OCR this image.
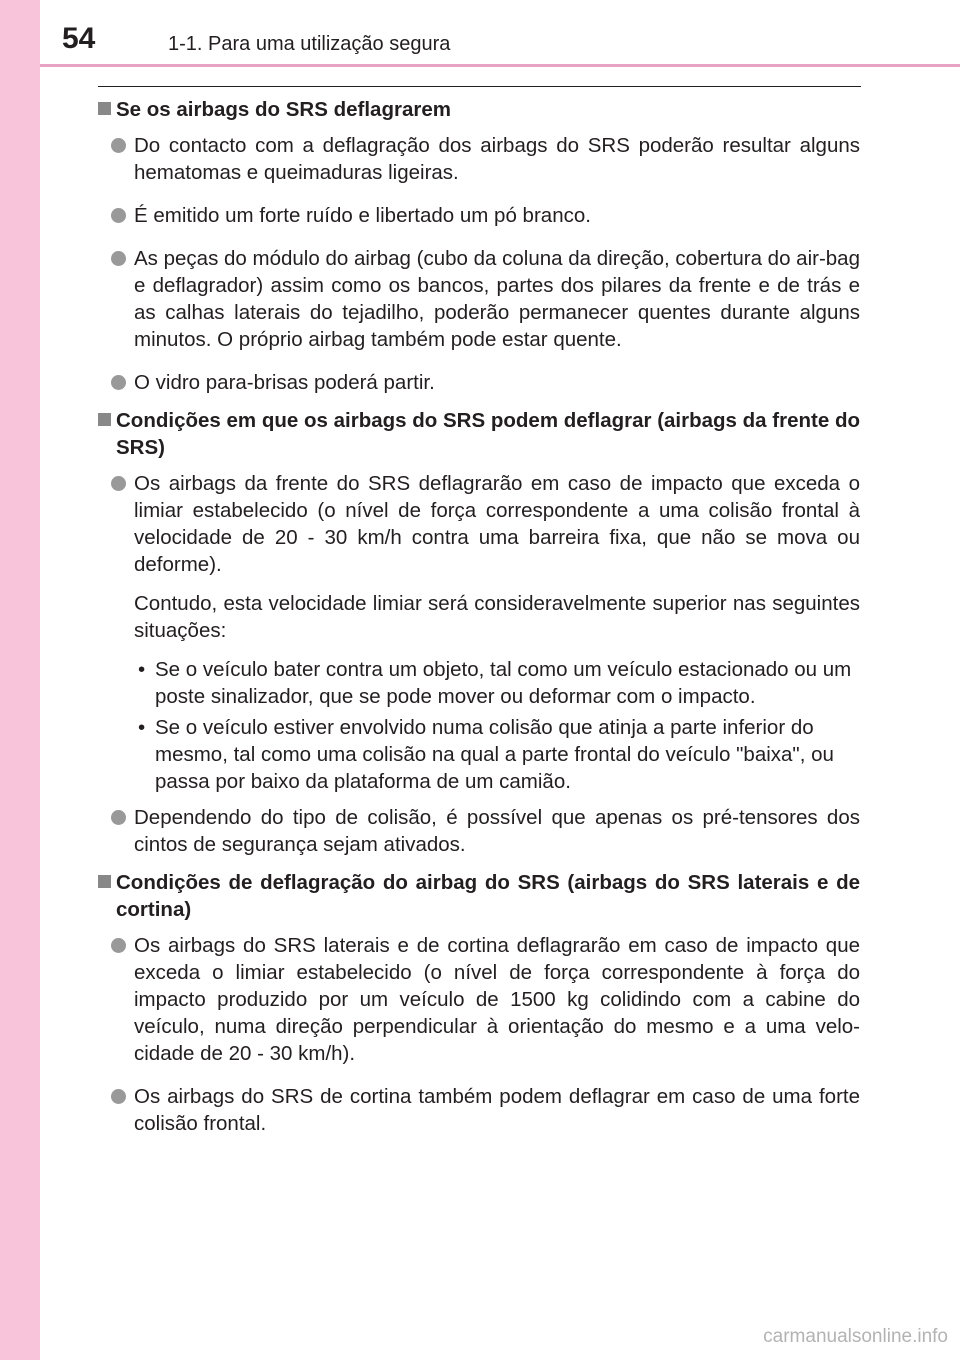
54	1-1. Para uma utilização segura
Se os airbags do SRS deflagrarem
Do contacto com a deflagração dos airbags do SRS poderão resultar alguns hematomas e queimaduras ligeiras.
É emitido um forte ruído e libertado um pó branco.
As peças do módulo do airbag (cubo da coluna da direção, cobertura do air-bag e deflagrador) assim como os bancos, partes dos pilares da frente e de trás e as calhas laterais do tejadilho, poderão permanecer quentes durante alguns minutos. O próprio airbag também pode estar quente.
O vidro para-brisas poderá partir.
Condições em que os airbags do SRS podem deflagrar (airbags da frente do SRS)
Os airbags da frente do SRS deflagrarão em caso de impacto que exceda o limiar estabelecido (o nível de força correspondente a uma colisão frontal à velocidade de 20 - 30 km/h contra uma barreira fixa, que não se mova ou deforme).
Contudo, esta velocidade limiar será consideravelmente superior nas seguintes situações:
• Se o veículo bater contra um objeto, tal como um veículo estacionado ou um poste sinalizador, que se pode mover ou deformar com o impacto.
• Se o veículo estiver envolvido numa colisão que atinja a parte inferior do mesmo, tal como uma colisão na qual a parte frontal do veículo "baixa", ou passa por baixo da plataforma de um camião.
Dependendo do tipo de colisão, é possível que apenas os pré-tensores dos cintos de segurança sejam ativados.
Condições de deflagração do airbag do SRS (airbags do SRS laterais e de cortina)
Os airbags do SRS laterais e de cortina deflagrarão em caso de impacto que exceda o limiar estabelecido (o nível de força correspondente à força do impacto produzido por um veículo de 1500 kg colidindo com a cabine do veículo, numa direção perpendicular à orientação do mesmo e a uma velo-cidade de 20 - 30 km/h).
Os airbags do SRS de cortina também podem deflagrar em caso de uma forte colisão frontal.
carmanualsonline.info
